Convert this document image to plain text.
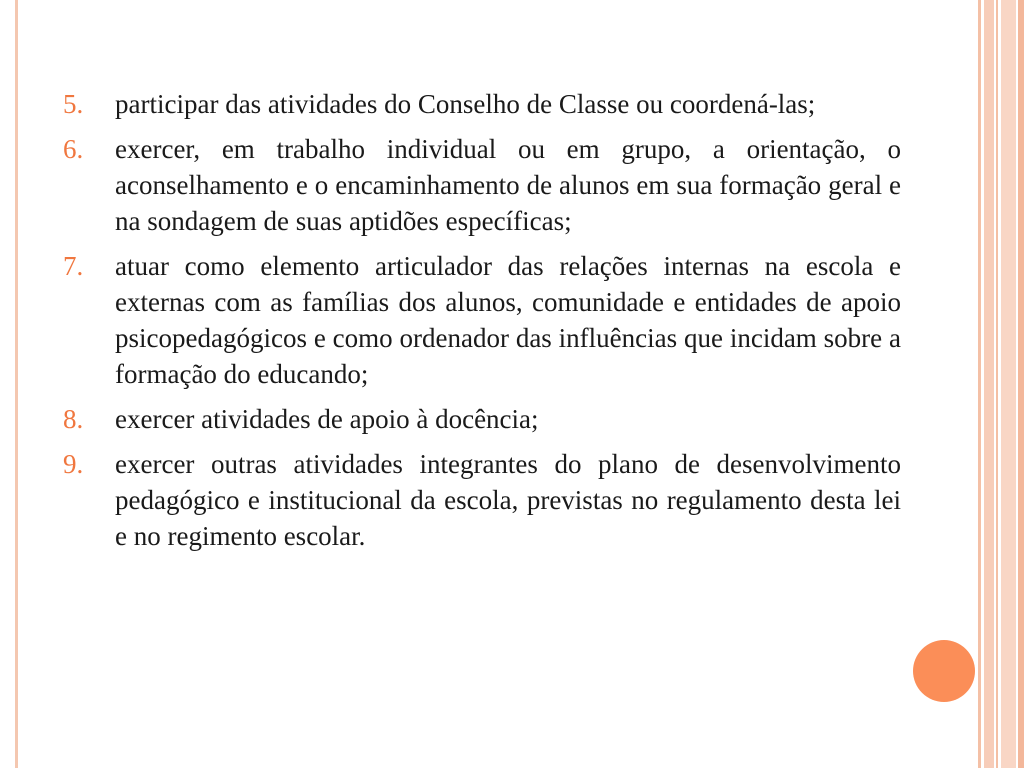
5.	participar das atividades do Conselho de Classe ou coordená-las;
6.	exercer, em trabalho individual ou em grupo, a orientação, o aconselhamento e o encaminhamento de alunos em sua formação geral e na sondagem de suas aptidões específicas;
7.	atuar como elemento articulador das relações internas na escola e externas com as famílias dos alunos, comunidade e entidades de apoio psicopedagógicos e como ordenador das influências que incidam sobre a formação do educando;
8.	exercer atividades de apoio à docência;
9.	exercer outras atividades integrantes do plano de desenvolvimento pedagógico e institucional da escola, previstas no regulamento desta lei e no regimento escolar.
